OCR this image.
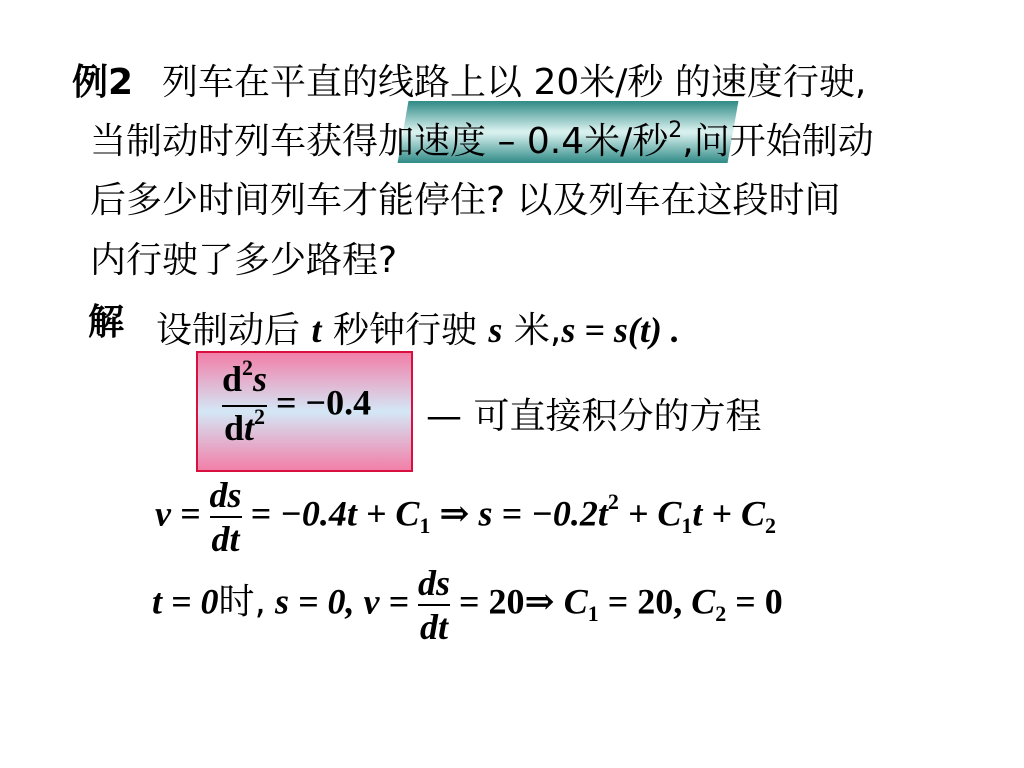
例2 列车在平直的线路上以 20米/秒 的速度行驶,
当制动时列车获得加速度 – 0.4米/秒$^2$,问开始制动
后多少时间列车才能停住? 以及列车在这段时间
内行驶了多少路程?
解 设制动后 t 秒钟行驶 s 米,s = s(t) .
$\frac{d^2s}{dt^2} = -0.4$ — 可直接积分的方程
$v = \frac{ds}{dt} = -0.4t + C_1$ ⇒ $s = -0.2t^2 + C_1t + C_2$
t = 0时, s = 0, $v = \frac{ds}{dt}$ = 20⇒ $C_1 = 20$, $C_2 = 0$
